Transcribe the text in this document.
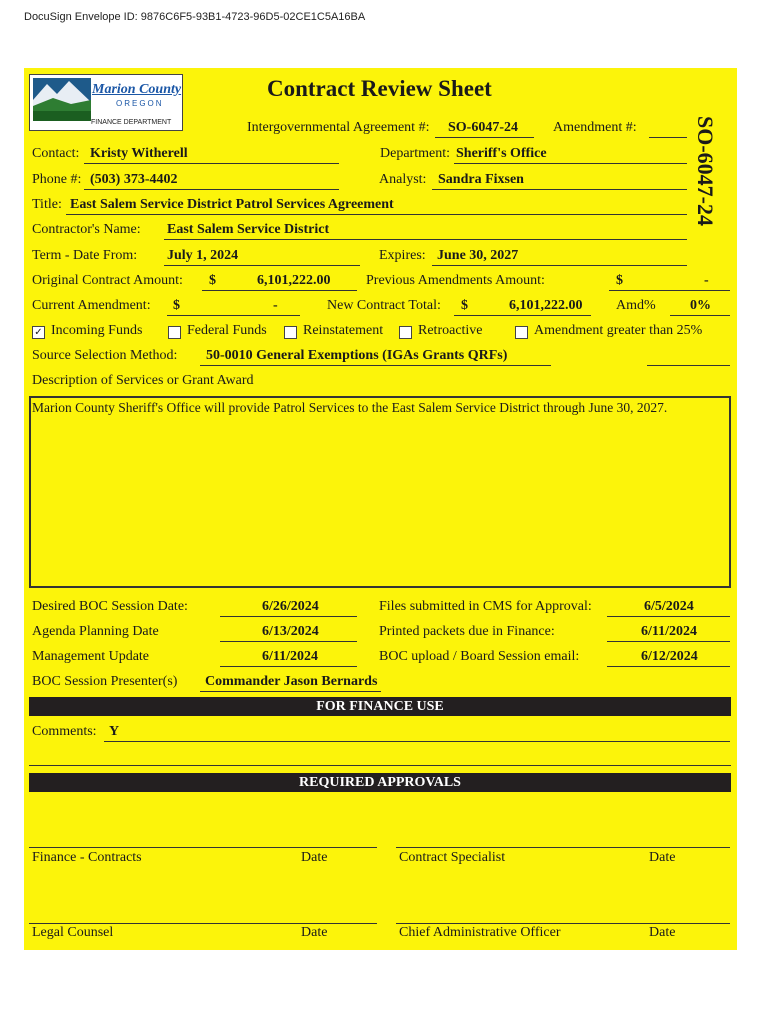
DocuSign Envelope ID: 9876C6F5-93B1-4723-96D5-02CE1C5A16BA
Marion County
OREGON
FINANCE DEPARTMENT
Contract Review Sheet
SO-6047-24
Intergovernmental Agreement #: SO-6047-24	Amendment #:
Contact: Kristy Witherell	Department: Sheriff's Office
Phone #: (503) 373-4402	Analyst: Sandra Fixsen
Title: East Salem Service District Patrol Services Agreement
Contractor's Name: East Salem Service District
Term - Date From: July 1, 2024	Expires: June 30, 2027
Original Contract Amount: $	6,101,222.00	Previous Amendments Amount:	$	-
Current Amendment: $	-	New Contract Total: $	6,101,222.00 Amd% 0%
✓ Incoming Funds	Federal Funds	Reinstatement Retroactive	Amendment greater than 25%
Source Selection Method: 50-0010 General Exemptions (IGAs Grants QRFs)
Description of Services or Grant Award
Marion County Sheriff's Office will provide Patrol Services to the East Salem Service District through June 30, 2027.
Desired BOC Session Date:	6/26/2024	Files submitted in CMS for Approval:	6/5/2024
Agenda Planning Date	6/13/2024	Printed packets due in Finance:	6/11/2024
Management Update	6/11/2024	BOC upload / Board Session email:	6/12/2024
BOC Session Presenter(s) Commander Jason Bernards
FOR FINANCE USE
Comments: Y
REQUIRED APPROVALS
Finance - Contracts	Date	Contract Specialist	Date
Legal Counsel	Date	Chief Administrative Officer	Date
